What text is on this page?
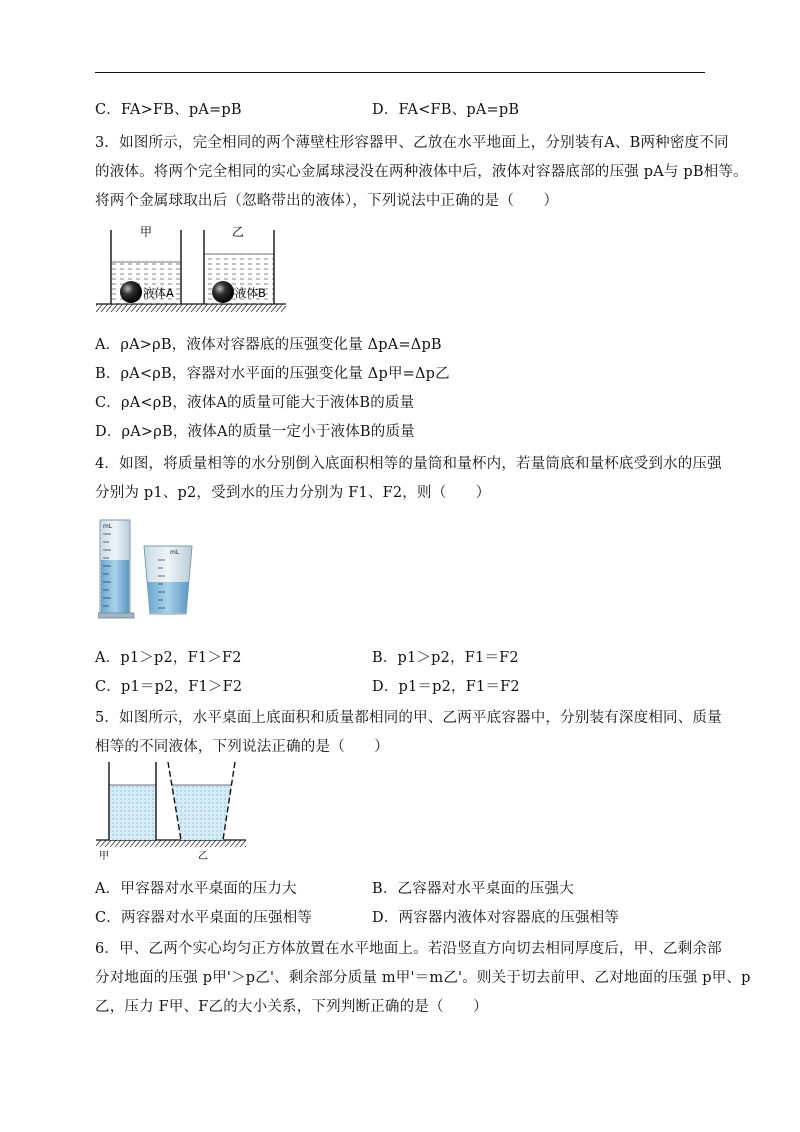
C．FA>FB、pA=pB	D．FA<FB、pA=pB
3．如图所示，完全相同的两个薄壁柱形容器甲、乙放在水平地面上，分别装有A、B两种密度不同
的液体。将两个完全相同的实心金属球浸没在两种液体中后，液体对容器底部的压强 pA与 pB相等。
将两个金属球取出后（忽略带出的液体），下列说法中正确的是（　　）
甲	乙
液体A	液体B
A．ρA>ρB，液体对容器底的压强变化量 ΔpA=ΔpB
B．ρA<ρB，容器对水平面的压强变化量 Δp甲=Δp乙
C．ρA<ρB，液体A的质量可能大于液体B的质量
D．ρA>ρB，液体A的质量一定小于液体B的质量
4．如图，将质量相等的水分别倒入底面积相等的量筒和量杯内，若量筒底和量杯底受到水的压强
分别为 p1、p2，受到水的压力分别为 F1、F2，则（　　）
mL
mL
A．p1＞p2，F1＞F2	B．p1＞p2，F1＝F2
C．p1＝p2，F1＞F2	D．p1＝p2，F1＝F2
5．如图所示，水平桌面上底面积和质量都相同的甲、乙两平底容器中，分别装有深度相同、质量
相等的不同液体，下列说法正确的是（　　）
甲	乙
A．甲容器对水平桌面的压力大	B．乙容器对水平桌面的压强大
C．两容器对水平桌面的压强相等	D．两容器内液体对容器底的压强相等
6．甲、乙两个实心均匀正方体放置在水平地面上。若沿竖直方向切去相同厚度后，甲、乙剩余部
分对地面的压强 p甲'＞p乙'、剩余部分质量 m甲'＝m乙'。则关于切去前甲、乙对地面的压强 p甲、p
乙，压力 F甲、F乙的大小关系，下列判断正确的是（　　）
